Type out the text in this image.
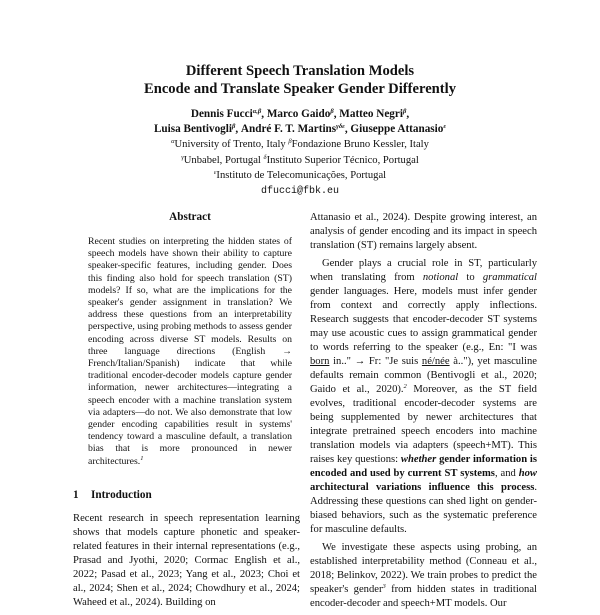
Different Speech Translation Models
Encode and Translate Speaker Gender Differently
Dennis Fucci$^{\alpha,\beta}$, Marco Gaido$^\beta$, Matteo Negri$^\beta$,
Luisa Bentivogli$^\beta$, André F. T. Martins$^{\gamma\delta\varepsilon}$, Giuseppe Attanasio$^\varepsilon$
$^\alpha$University of Trento, Italy $^\beta$Fondazione Bruno Kessler, Italy
$^\gamma$Unbabel, Portugal $^\delta$Instituto Superior Técnico, Portugal
$^\varepsilon$Instituto de Telecomunicações, Portugal
dfucci@fbk.eu
Abstract
Recent studies on interpreting the hidden states of speech models have shown their ability to capture speaker-specific features, including gender. Does this finding also hold for speech translation (ST) models? If so, what are the implications for the speaker's gender assignment in translation? We address these questions from an interpretability perspective, using probing methods to assess gender encoding across diverse ST models. Results on three language directions (English → French/Italian/Spanish) indicate that while traditional encoder-decoder models capture gender information, newer architectures—integrating a speech encoder with a machine translation system via adapters—do not. We also demonstrate that low gender encoding capabilities result in systems' tendency toward a masculine default, a translation bias that is more pronounced in newer architectures.$^1$
1 Introduction
Recent research in speech representation learning shows that models capture phonetic and speaker-related features in their internal representations (e.g., Prasad and Jyothi, 2020; Cormac English et al., 2022; Pasad et al., 2023; Yang et al., 2023; Choi et al., 2024; Shen et al., 2024; Chowdhury et al., 2024; Waheed et al., 2024). Building on

Attanasio et al., 2024). Despite growing interest, an analysis of gender encoding and its impact in speech translation (ST) remains largely absent.

Gender plays a crucial role in ST, particularly when translating from notional to grammatical gender languages. Here, models must infer gender from context and correctly apply inflections. Research suggests that encoder-decoder ST systems may use acoustic cues to assign grammatical gender to words referring to the speaker (e.g., En: "I was born in.." → Fr: "Je suis né/née à.."), yet masculine defaults remain common (Bentivogli et al., 2020; Gaido et al., 2020).$^2$ Moreover, as the ST field evolves, traditional encoder-decoder systems are being supplemented by newer architectures that integrate pretrained speech encoders into machine translation models via adapters (speech+MT). This raises key questions: whether gender information is encoded and used by current ST systems, and how architectural variations influence this process. Addressing these questions can shed light on gender-biased behaviors, such as the systematic preference for masculine defaults.

We investigate these aspects using probing, an established interpretability method (Conneau et al., 2018; Belinkov, 2022). We train probes to predict the speaker's gender$^3$ from hidden states in traditional encoder-decoder and speech+MT models. Our
